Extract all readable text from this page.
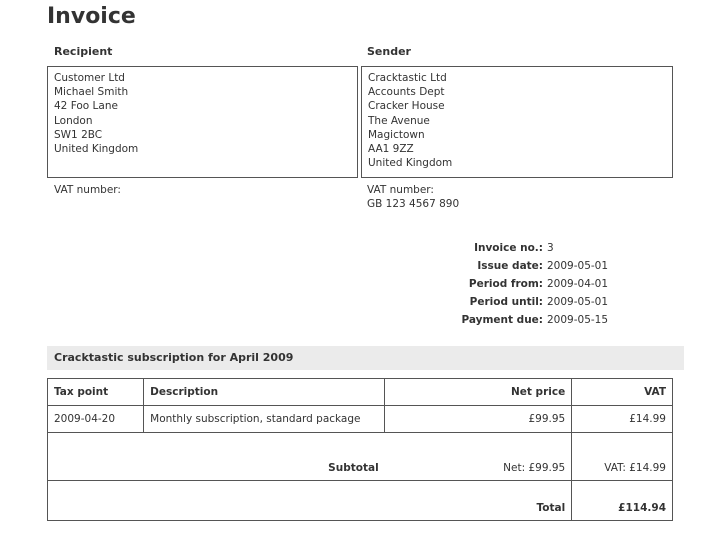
Invoice
Recipient
Customer Ltd
Michael Smith
42 Foo Lane
London
SW1 2BC
United Kingdom
VAT number:
Sender
Cracktastic Ltd
Accounts Dept
Cracker House
The Avenue
Magictown
AA1 9ZZ
United Kingdom
VAT number:
GB 123 4567 890
Invoice no.: 3
Issue date: 2009-05-01
Period from: 2009-04-01
Period until: 2009-05-01
Payment due: 2009-05-15
Cracktastic subscription for April 2009
Tax point	Description	Net price	VAT
2009-04-20	Monthly subscription, standard package	£99.95	£14.99
Subtotal		Net: £99.95	VAT: £14.99
		Total	£114.94
